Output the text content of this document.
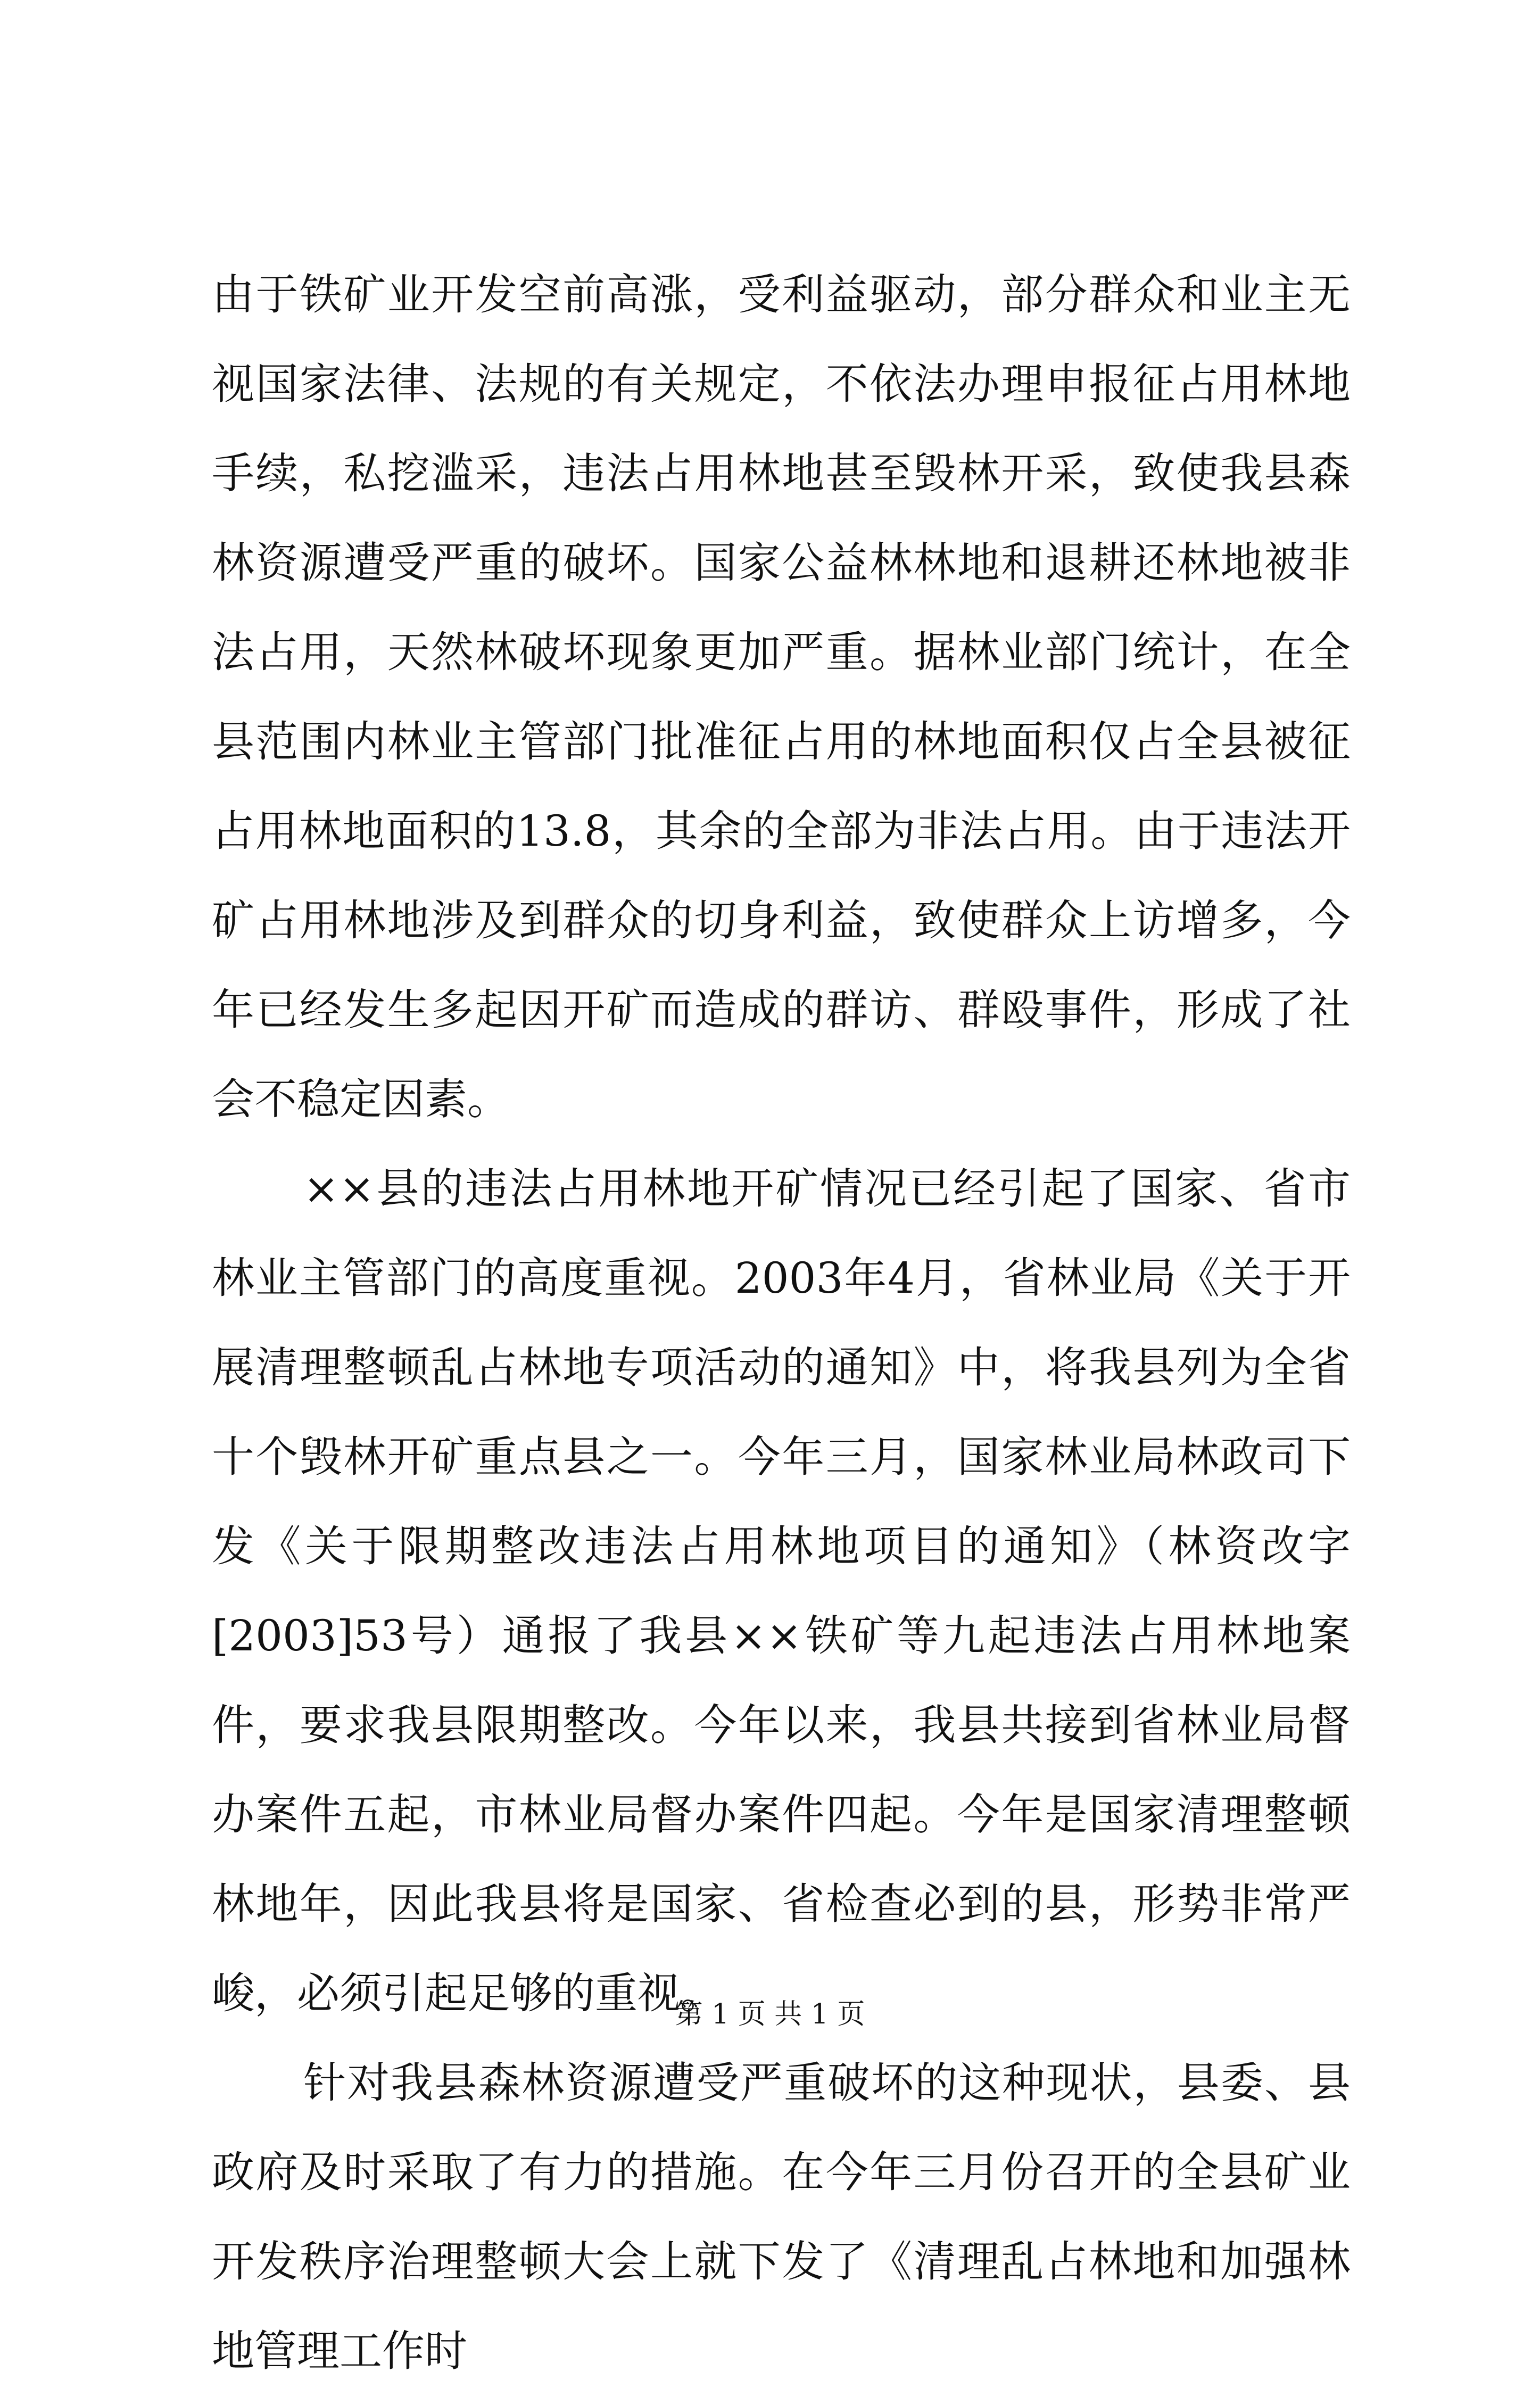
由于铁矿业开发空前高涨，受利益驱动，部分群众和业主无视国家法律、法规的有关规定，不依法办理申报征占用林地手续，私挖滥采，违法占用林地甚至毁林开采，致使我县森林资源遭受严重的破坏。国家公益林林地和退耕还林地被非法占用，天然林破坏现象更加严重。据林业部门统计，在全县范围内林业主管部门批准征占用的林地面积仅占全县被征占用林地面积的13.8，其余的全部为非法占用。由于违法开矿占用林地涉及到群众的切身利益，致使群众上访增多，今年已经发生多起因开矿而造成的群访、群殴事件，形成了社会不稳定因素。

××县的违法占用林地开矿情况已经引起了国家、省市林业主管部门的高度重视。2003年4月，省林业局《关于开展清理整顿乱占林地专项活动的通知》中，将我县列为全省十个毁林开矿重点县之一。今年三月，国家林业局林政司下发《关于限期整改违法占用林地项目的通知》（林资改字[2003]53号）通报了我县××铁矿等九起违法占用林地案件，要求我县限期整改。今年以来，我县共接到省林业局督办案件五起，市林业局督办案件四起。今年是国家清理整顿林地年，因此我县将是国家、省检查必到的县，形势非常严峻，必须引起足够的重视。

针对我县森林资源遭受严重破坏的这种现状，县委、县政府及时采取了有力的措施。在今年三月份召开的全县矿业开发秩序治理整顿大会上就下发了《清理乱占林地和加强林地管理工作时

第 1 页 共 1 页
